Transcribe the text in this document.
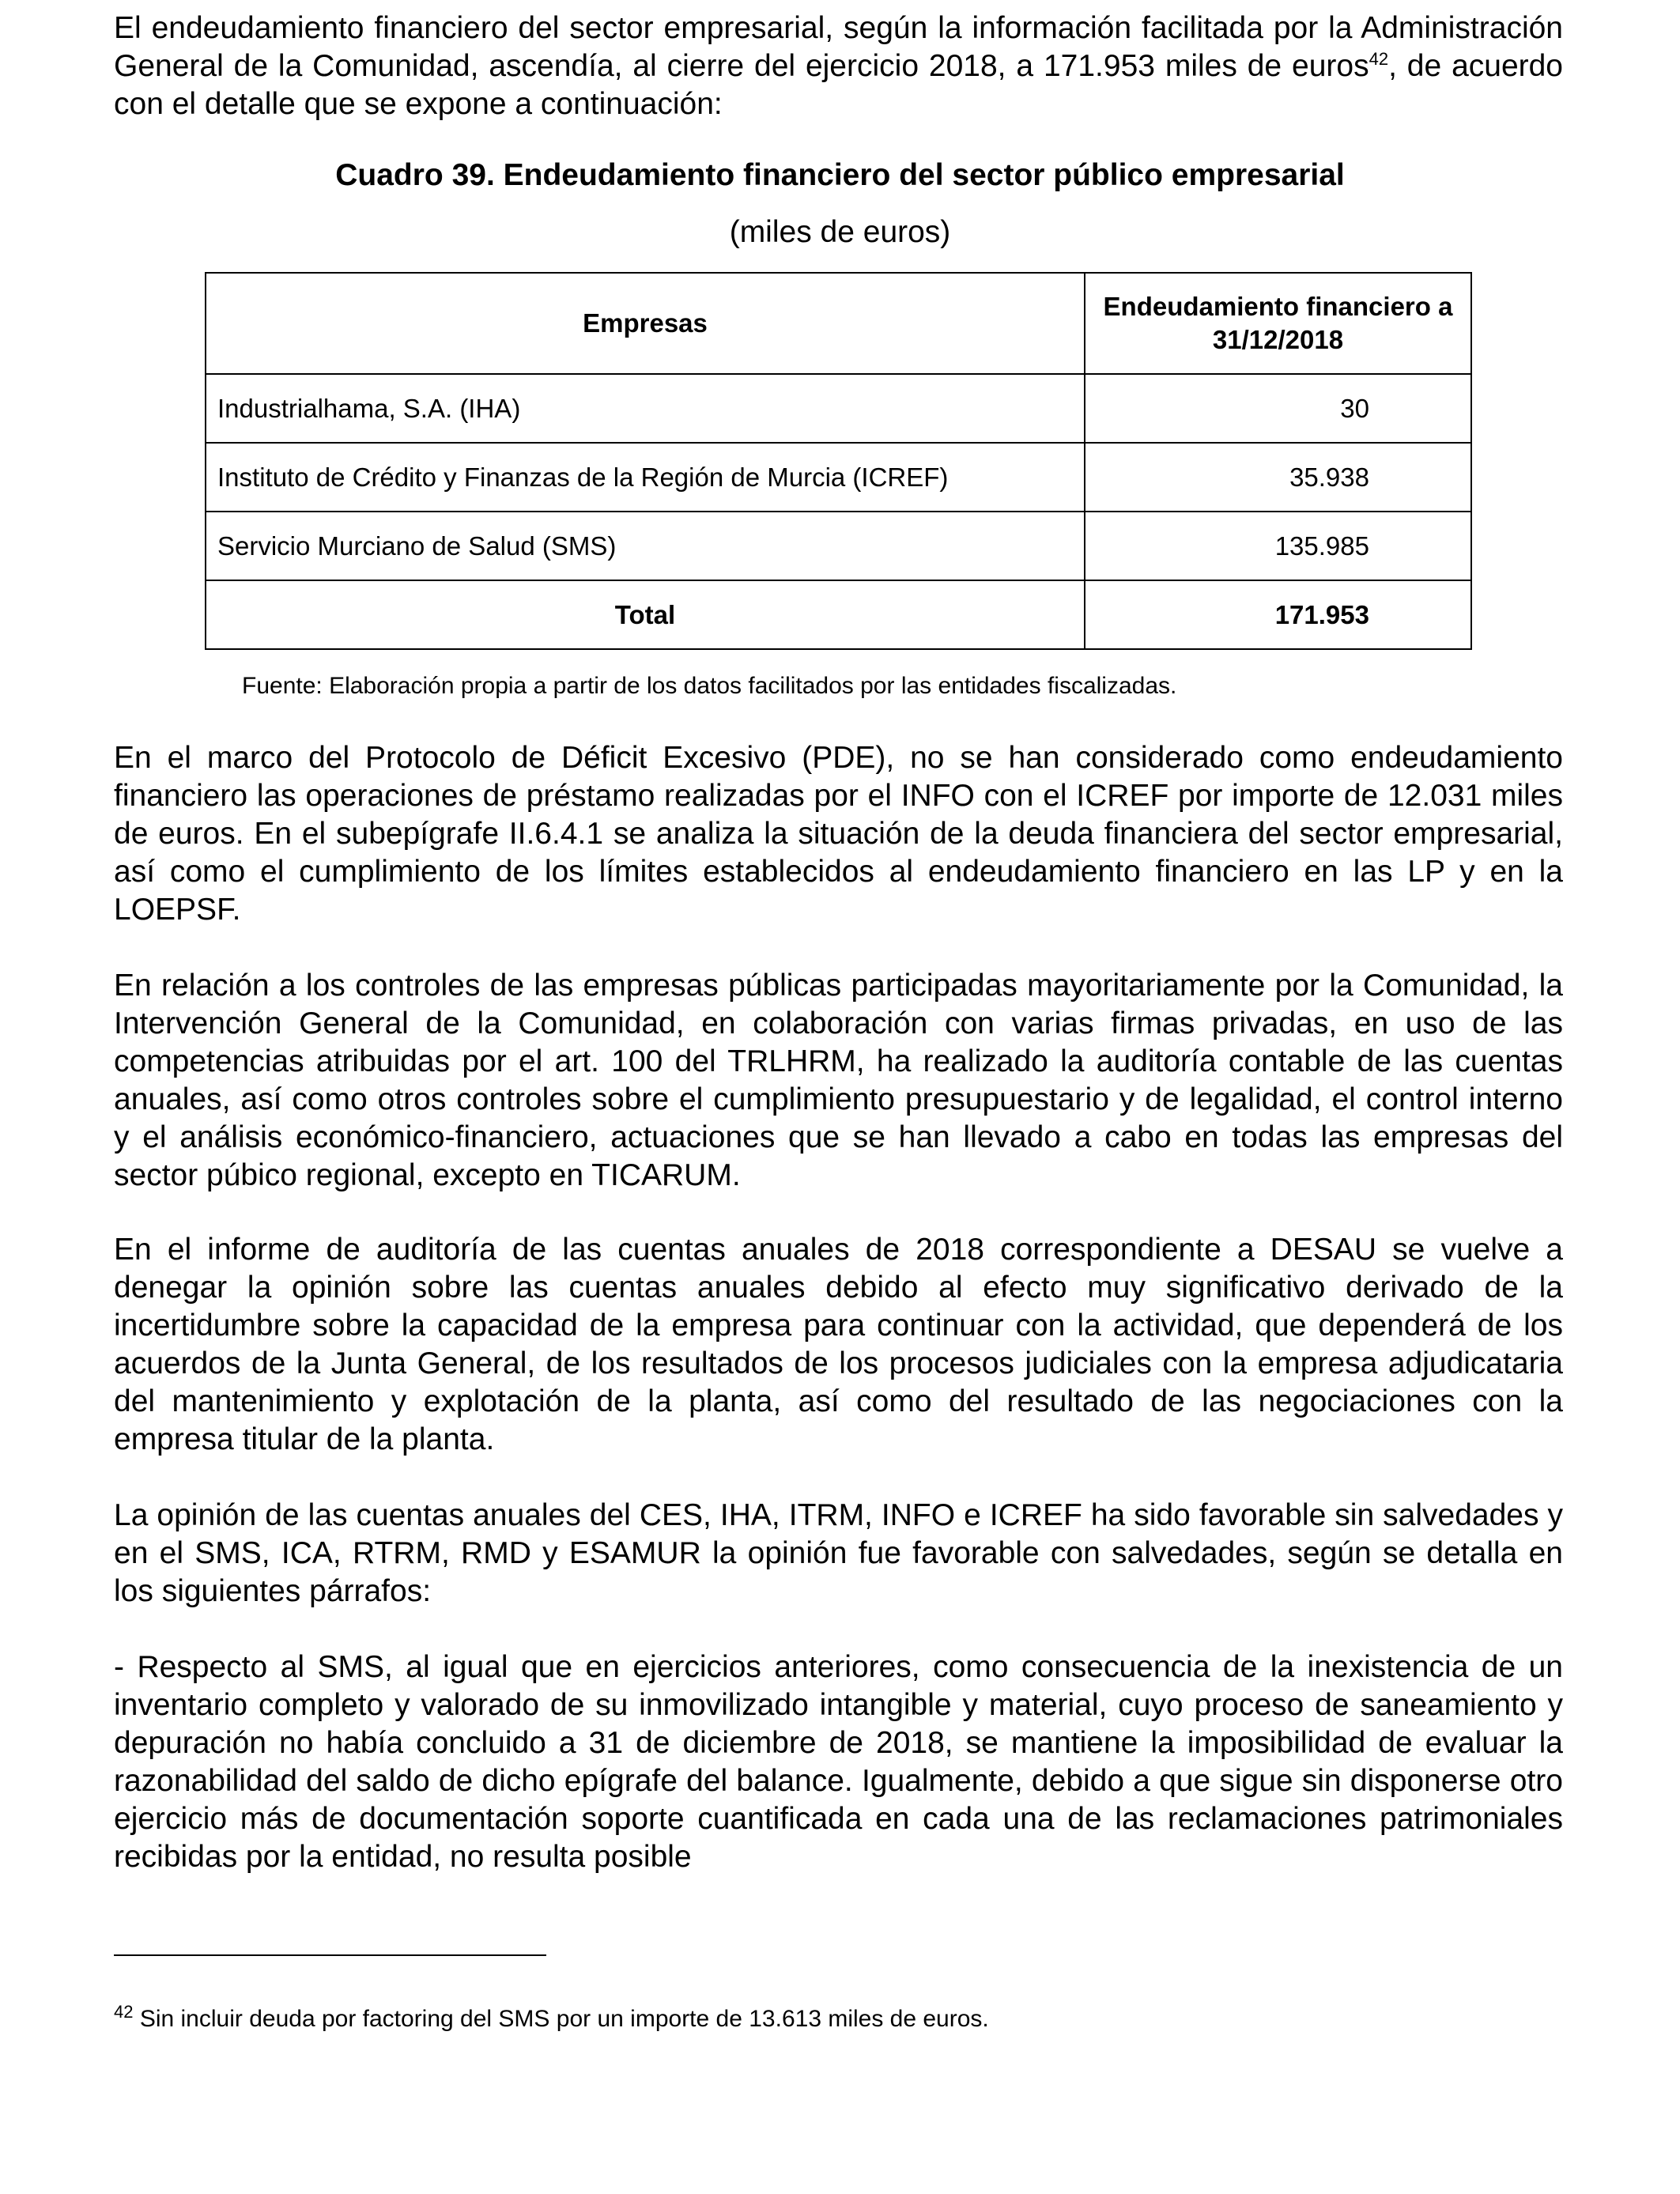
El endeudamiento financiero del sector empresarial, según la información facilitada por la Administración General de la Comunidad, ascendía, al cierre del ejercicio 2018, a 171.953 miles de euros$^{42}$, de acuerdo con el detalle que se expone a continuación:

Cuadro 39. Endeudamiento financiero del sector público empresarial
(miles de euros)
Empresas	Endeudamiento financiero a 31/12/2018
Industrialhama, S.A. (IHA)	30
Instituto de Crédito y Finanzas de la Región de Murcia (ICREF)	35.938
Servicio Murciano de Salud (SMS)	135.985
Total	171.953
Fuente: Elaboración propia a partir de los datos facilitados por las entidades fiscalizadas.

En el marco del Protocolo de Déficit Excesivo (PDE), no se han considerado como endeudamiento financiero las operaciones de préstamo realizadas por el INFO con el ICREF por importe de 12.031 miles de euros. En el subepígrafe II.6.4.1 se analiza la situación de la deuda financiera del sector empresarial, así como el cumplimiento de los límites establecidos al endeudamiento financiero en las LP y en la LOEPSF.

En relación a los controles de las empresas públicas participadas mayoritariamente por la Comunidad, la Intervención General de la Comunidad, en colaboración con varias firmas privadas, en uso de las competencias atribuidas por el art. 100 del TRLHRM, ha realizado la auditoría contable de las cuentas anuales, así como otros controles sobre el cumplimiento presupuestario y de legalidad, el control interno y el análisis económico-financiero, actuaciones que se han llevado a cabo en todas las empresas del sector púbico regional, excepto en TICARUM.

En el informe de auditoría de las cuentas anuales de 2018 correspondiente a DESAU se vuelve a denegar la opinión sobre las cuentas anuales debido al efecto muy significativo derivado de la incertidumbre sobre la capacidad de la empresa para continuar con la actividad, que dependerá de los acuerdos de la Junta General, de los resultados de los procesos judiciales con la empresa adjudicataria del mantenimiento y explotación de la planta, así como del resultado de las negociaciones con la empresa titular de la planta.

La opinión de las cuentas anuales del CES, IHA, ITRM, INFO e ICREF ha sido favorable sin salvedades y en el SMS, ICA, RTRM, RMD y ESAMUR la opinión fue favorable con salvedades, según se detalla en los siguientes párrafos:

- Respecto al SMS, al igual que en ejercicios anteriores, como consecuencia de la inexistencia de un inventario completo y valorado de su inmovilizado intangible y material, cuyo proceso de saneamiento y depuración no había concluido a 31 de diciembre de 2018, se mantiene la imposibilidad de evaluar la razonabilidad del saldo de dicho epígrafe del balance. Igualmente, debido a que sigue sin disponerse otro ejercicio más de documentación soporte cuantificada en cada una de las reclamaciones patrimoniales recibidas por la entidad, no resulta posible

$^{42}$ Sin incluir deuda por factoring del SMS por un importe de 13.613 miles de euros.
